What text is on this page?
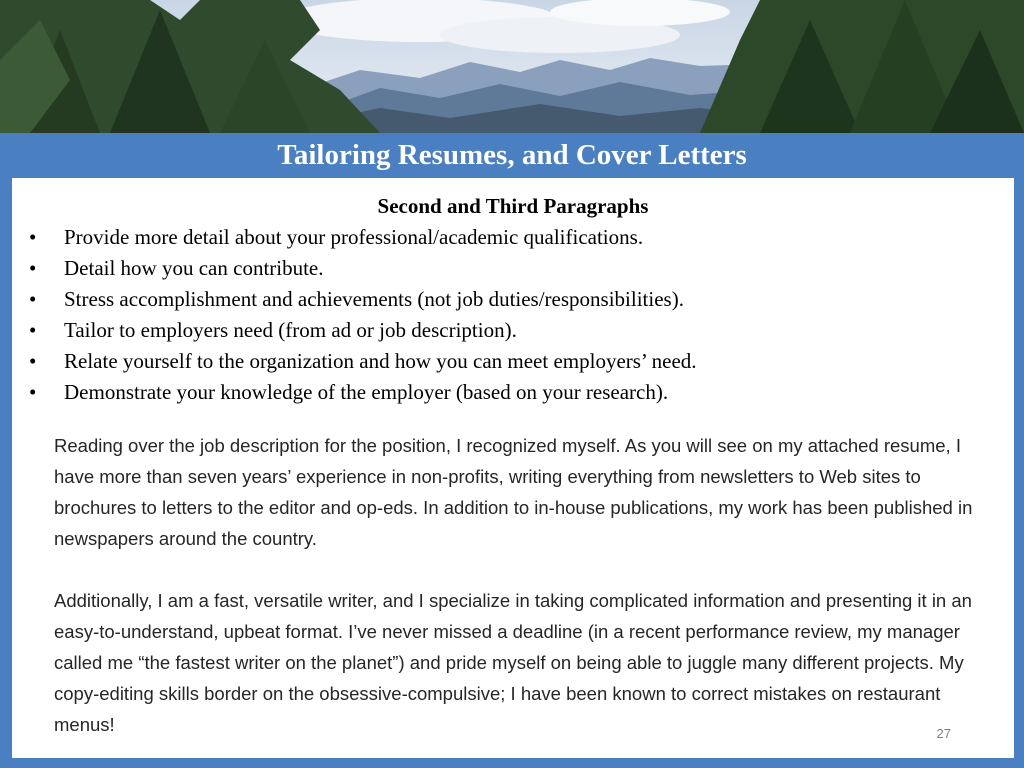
Tailoring Resumes, and Cover Letters
Second and Third Paragraphs
• Provide more detail about your professional/academic qualifications.
• Detail how you can contribute.
• Stress accomplishment and achievements (not job duties/responsibilities).
• Tailor to employers need (from ad or job description).
• Relate yourself to the organization and how you can meet employers’ need.
• Demonstrate your knowledge of the employer (based on your research).

Reading over the job description for the position, I recognized myself. As you will see on my attached resume, I have more than seven years’ experience in non-profits, writing everything from newsletters to Web sites to brochures to letters to the editor and op-eds. In addition to in-house publications, my work has been published in newspapers around the country.

Additionally, I am a fast, versatile writer, and I specialize in taking complicated information and presenting it in an easy-to-understand, upbeat format. I’ve never missed a deadline (in a recent performance review, my manager called me “the fastest writer on the planet”) and pride myself on being able to juggle many different projects. My copy-editing skills border on the obsessive-compulsive; I have been known to correct mistakes on restaurant menus!	27
